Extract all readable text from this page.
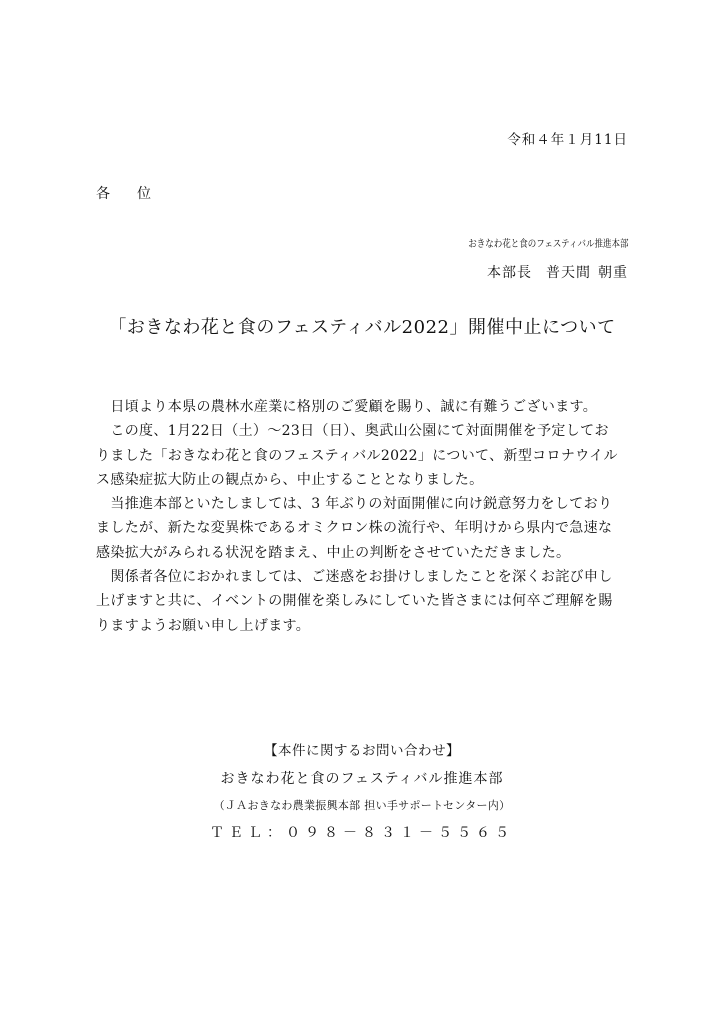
令和４年１月11日
各 位
おきなわ花と食のフェスティバル推進本部
本部長 普天間 朝重
「おきなわ花と食のフェスティバル2022」開催中止について
　日頃より本県の農林水産業に格別のご愛顧を賜り、誠に有難うございます。
　この度、1月22日（土）〜23日（日）、奥武山公園にて対面開催を予定してお
りました「おきなわ花と食のフェスティバル2022」について、新型コロナウイル
ス感染症拡大防止の観点から、中止することとなりました。
　当推進本部といたしましては、3 年ぶりの対面開催に向け鋭意努力をしており
ましたが、新たな変異株であるオミクロン株の流行や、年明けから県内で急速な
感染拡大がみられる状況を踏まえ、中止の判断をさせていただきました。
　関係者各位におかれましては、ご迷惑をお掛けしましたことを深くお詫び申し
上げますと共に、イベントの開催を楽しみにしていた皆さまには何卒ご理解を賜
りますようお願い申し上げます。
【本件に関するお問い合わせ】
おきなわ花と食のフェスティバル推進本部
（ＪＡおきなわ農業振興本部 担い手サポートセンター内）
ＴＥＬ：０９８－８３１－５５６５
